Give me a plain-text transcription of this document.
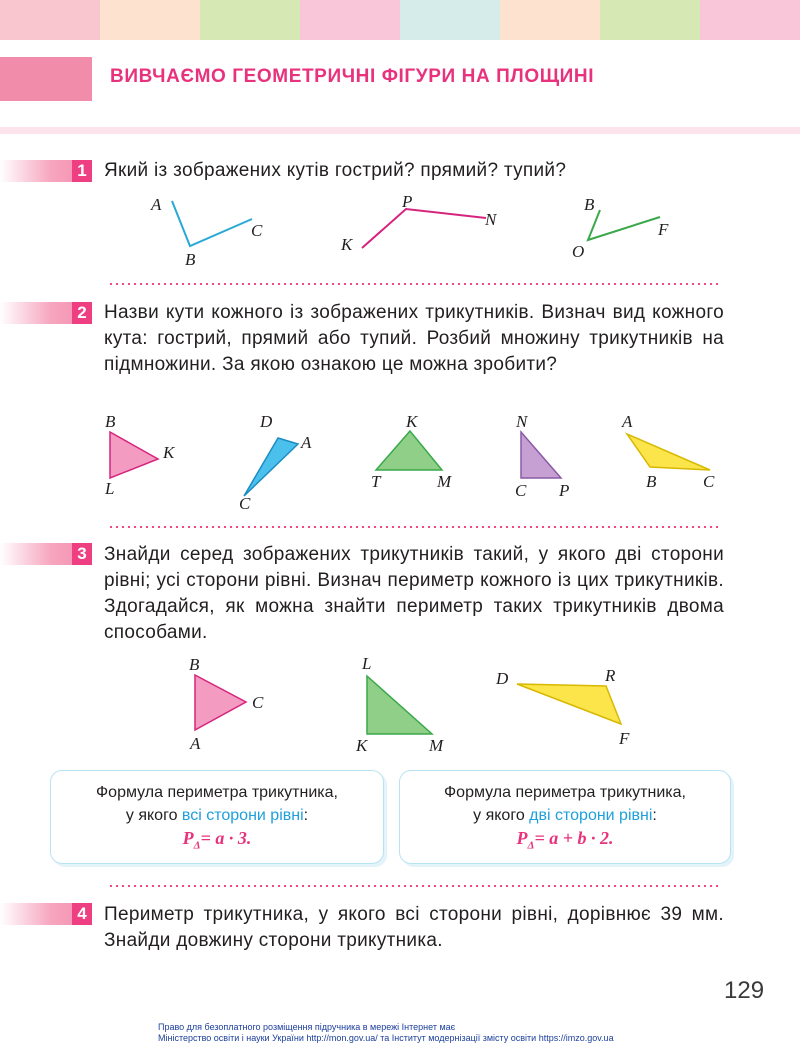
ВИВЧАЄМО ГЕОМЕТРИЧНІ ФІГУРИ НА ПЛОЩИНІ
1 Який із зображених кутів гострий? прямий? тупий?
A
B
C
K
P
N
B
O
F
2 Назви кути кожного із зображених трикутників. Визнач вид кожного кута: гострий, прямий або тупий. Розбий множину трикутників на підмножини. За якою ознакою це можна зробити?
B
K
L
D
A
C
K
T	M
N
C P
A
B	C
3 Знайди серед зображених трикутників такий, у якого дві сторони рівні; усі сторони рівні. Визнач периметр кожного із цих трикутників. Здогадайся, як можна знайти периметр таких трикутників двома способами.
B
C
A
L
K	M
D	R
F
Формула периметра трикутника,
у якого всі сторони рівні:
$P_\Delta= a \cdot 3$.
Формула периметра трикутника,
у якого дві сторони рівні:
$P_\Delta= a + b \cdot 2$.
4 Периметр трикутника, у якого всі сторони рівні, дорівнює 39 мм. Знайди довжину сторони трикутника.
129
Право для безоплатного розміщення підручника в мережі Інтернет має
Міністерство освіти і науки України http://mon.gov.ua/ та Інститут модернізації змісту освіти https://imzo.gov.ua
